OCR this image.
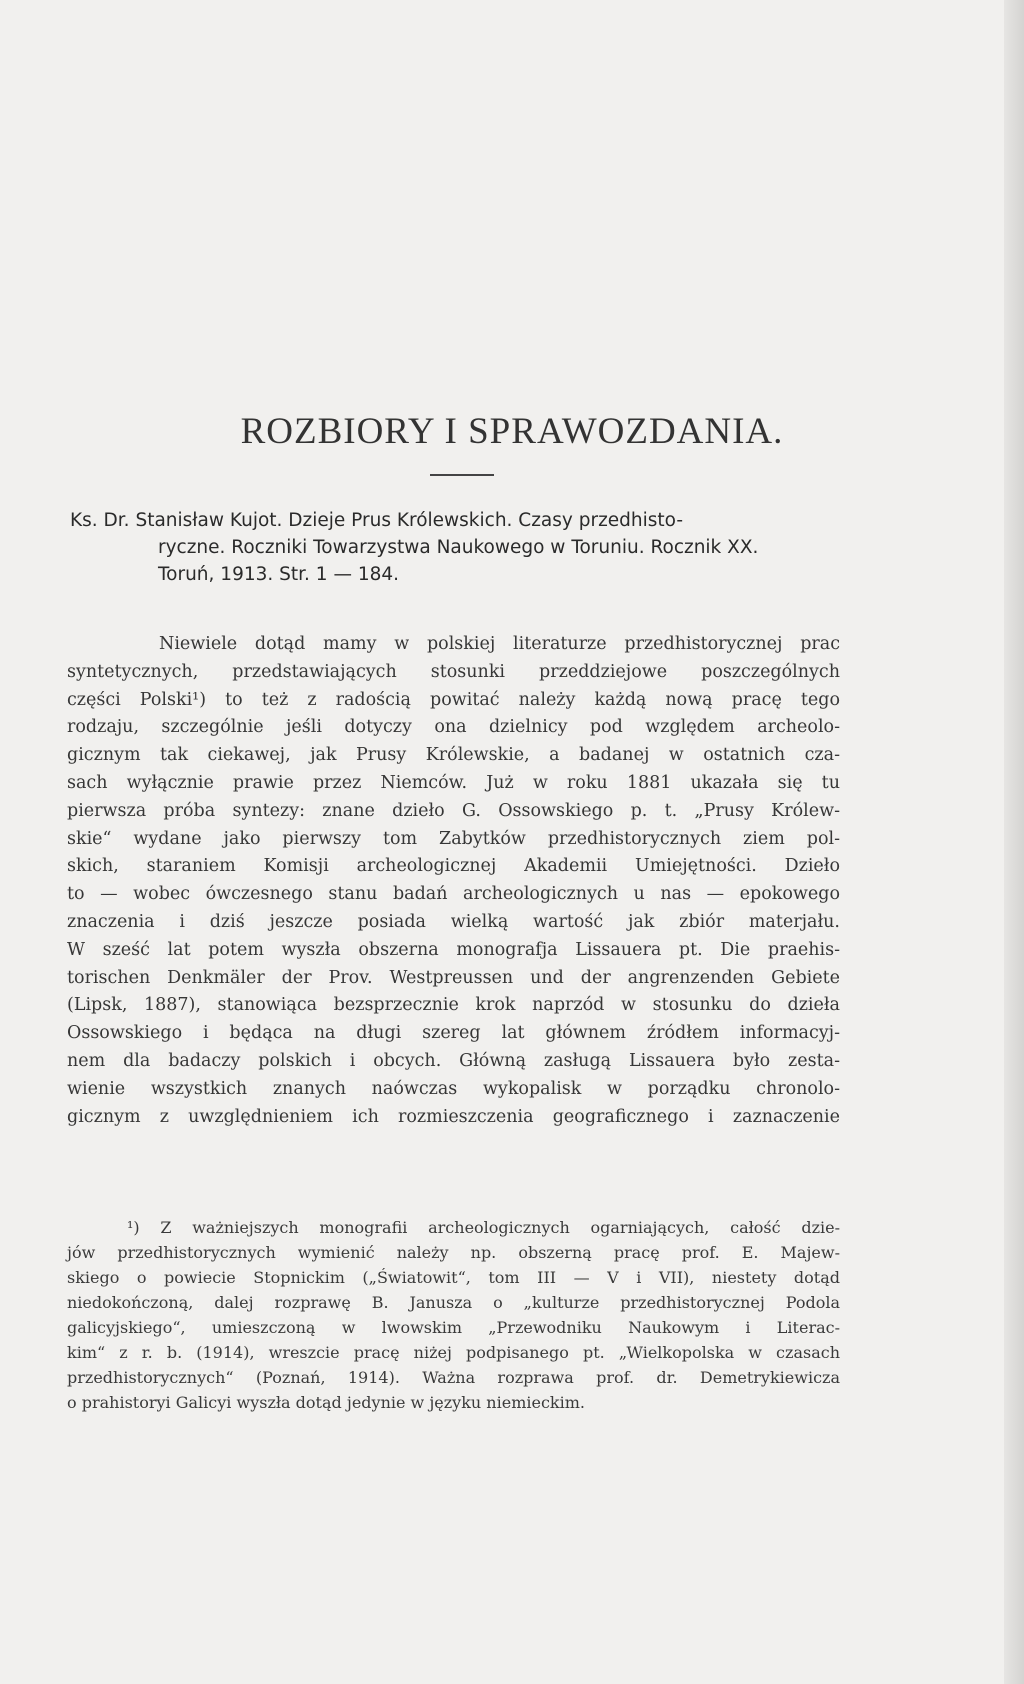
ROZBIORY I SPRAWOZDANIA.
Ks. Dr. Stanisław Kujot. Dzieje Prus Królewskich. Czasy przedhisto-
ryczne. Roczniki Towarzystwa Naukowego w Toruniu. Rocznik XX.
Toruń, 1913. Str. 1 — 184.
Niewiele dotąd mamy w polskiej literaturze przedhistorycznej prac
syntetycznych, przedstawiających stosunki przeddziejowe poszczególnych
części Polski¹) to też z radością powitać należy każdą nową pracę tego
rodzaju, szczególnie jeśli dotyczy ona dzielnicy pod względem archeolo-
gicznym tak ciekawej, jak Prusy Królewskie, a badanej w ostatnich cza-
sach wyłącznie prawie przez Niemców. Już w roku 1881 ukazała się tu
pierwsza próba syntezy: znane dzieło G. Ossowskiego p. t. „Prusy Królew-
skie“ wydane jako pierwszy tom Zabytków przedhistorycznych ziem pol-
skich, staraniem Komisji archeologicznej Akademii Umiejętności. Dzieło
to — wobec ówczesnego stanu badań archeologicznych u nas — epokowego
znaczenia i dziś jeszcze posiada wielką wartość jak zbiór materjału.
W sześć lat potem wyszła obszerna monografja Lissauera pt. Die praehis-
torischen Denkmäler der Prov. Westpreussen und der angrenzenden Gebiete
(Lipsk, 1887), stanowiąca bezsprzecznie krok naprzód w stosunku do dzieła
Ossowskiego i będąca na długi szereg lat głównem źródłem informacyj-
nem dla badaczy polskich i obcych. Główną zasługą Lissauera było zesta-
wienie wszystkich znanych naówczas wykopalisk w porządku chronolo-
gicznym z uwzględnieniem ich rozmieszczenia geograficznego i zaznaczenie
¹) Z ważniejszych monografii archeologicznych ogarniających, całość dzie-
jów przedhistorycznych wymienić należy np. obszerną pracę prof. E. Majew-
skiego o powiecie Stopnickim („Światowit“, tom III — V i VII), niestety dotąd
niedokończoną, dalej rozprawę B. Janusza o „kulturze przedhistorycznej Podola
galicyjskiego“, umieszczoną w lwowskim „Przewodniku Naukowym i Literac-
kim“ z r. b. (1914), wreszcie pracę niżej podpisanego pt. „Wielkopolska w czasach
przedhistorycznych“ (Poznań, 1914). Ważna rozprawa prof. dr. Demetrykiewicza
o prahistoryi Galicyi wyszła dotąd jedynie w języku niemieckim.
